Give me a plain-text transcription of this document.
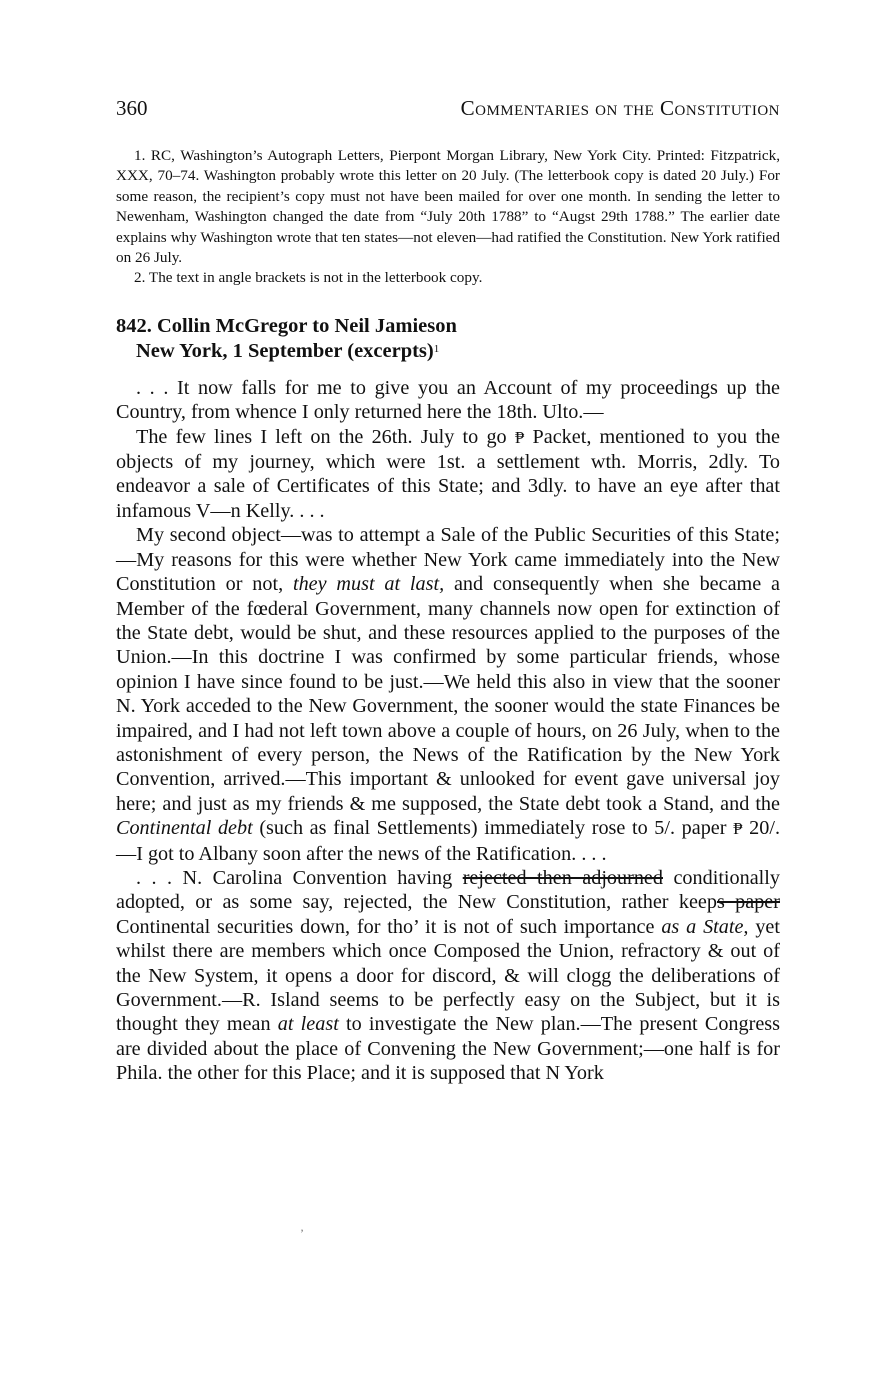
360	Commentaries on the Constitution

1. RC, Washington’s Autograph Letters, Pierpont Morgan Library, New York City. Printed: Fitzpatrick, XXX, 70–74. Washington probably wrote this letter on 20 July. (The letterbook copy is dated 20 July.) For some reason, the recipient’s copy must not have been mailed for over one month. In sending the letter to Newenham, Washington changed the date from “July 20th 1788” to “Augst 29th 1788.” The earlier date explains why Washington wrote that ten states—not eleven—had ratified the Constitution. New York ratified on 26 July.

2. The text in angle brackets is not in the letterbook copy.

842. Collin McGregor to Neil Jamieson
New York, 1 September (excerpts)$^1$

. . . It now falls for me to give you an Account of my proceedings up the Country, from whence I only returned here the 18th. Ulto.—

The few lines I left on the 26th. July to go ₱ Packet, mentioned to you the objects of my journey, which were 1st. a settlement wth. Morris, 2dly. To endeavor a sale of Certificates of this State; and 3dly. to have an eye after that infamous V—n Kelly. . . .

My second object—was to attempt a Sale of the Public Securities of this State;—My reasons for this were whether New York came immediately into the New Constitution or not, they must at last, and consequently when she became a Member of the fœderal Government, many channels now open for extinction of the State debt, would be shut, and these resources applied to the purposes of the Union.—In this doctrine I was confirmed by some particular friends, whose opinion I have since found to be just.—We held this also in view that the sooner N. York acceded to the New Government, the sooner would the state Finances be impaired, and I had not left town above a couple of hours, on 26 July, when to the astonishment of every person, the News of the Ratification by the New York Convention, arrived.—This important & unlooked for event gave universal joy here; and just as my friends & me supposed, the State debt took a Stand, and the Continental debt (such as final Settlements) immediately rose to 5/. paper ₱ 20/.—I got to Albany soon after the news of the Ratification. . . .

. . . N. Carolina Convention having rejected then adjourned conditionally adopted, or as some say, rejected, the New Constitution, rather keeps paper Continental securities down, for tho’ it is not of such importance as a State, yet whilst there are members which once Composed the Union, refractory & out of the New System, it opens a door for discord, & will clogg the deliberations of Government.—R. Island seems to be perfectly easy on the Subject, but it is thought they mean at least to investigate the New plan.—The present Congress are divided about the place of Convening the New Government;—one half is for Phila. the other for this Place; and it is supposed that N York

’
